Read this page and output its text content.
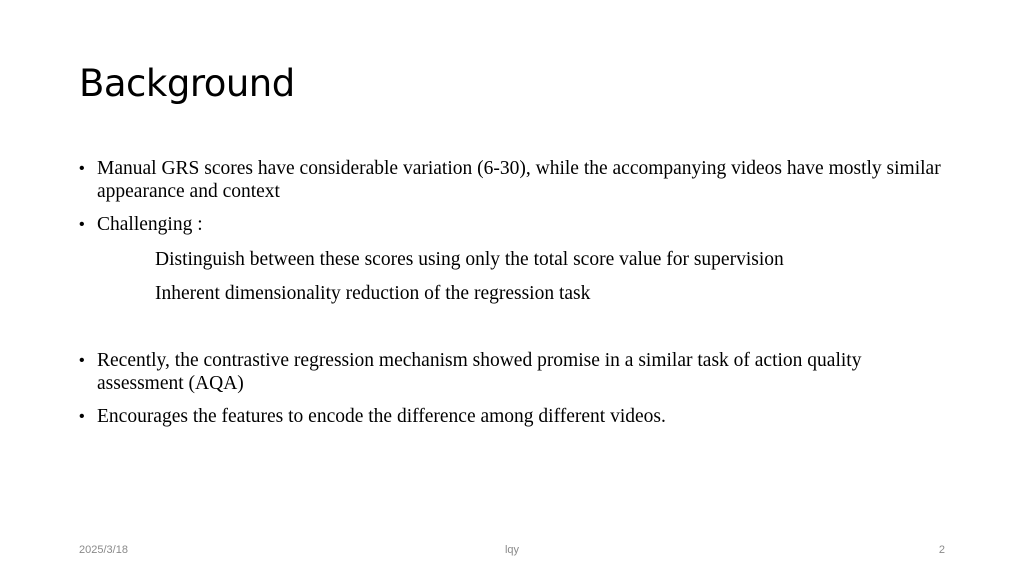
Background
• Manual GRS scores have considerable variation (6-30), while the accompanying videos have mostly similar appearance and context
• Challenging :
Distinguish between these scores using only the total score value for supervision
Inherent dimensionality reduction of the regression task
• Recently, the contrastive regression mechanism showed promise in a similar task of action quality assessment (AQA)
• Encourages the features to encode the difference among different videos.
2025/3/18	lqy	2
